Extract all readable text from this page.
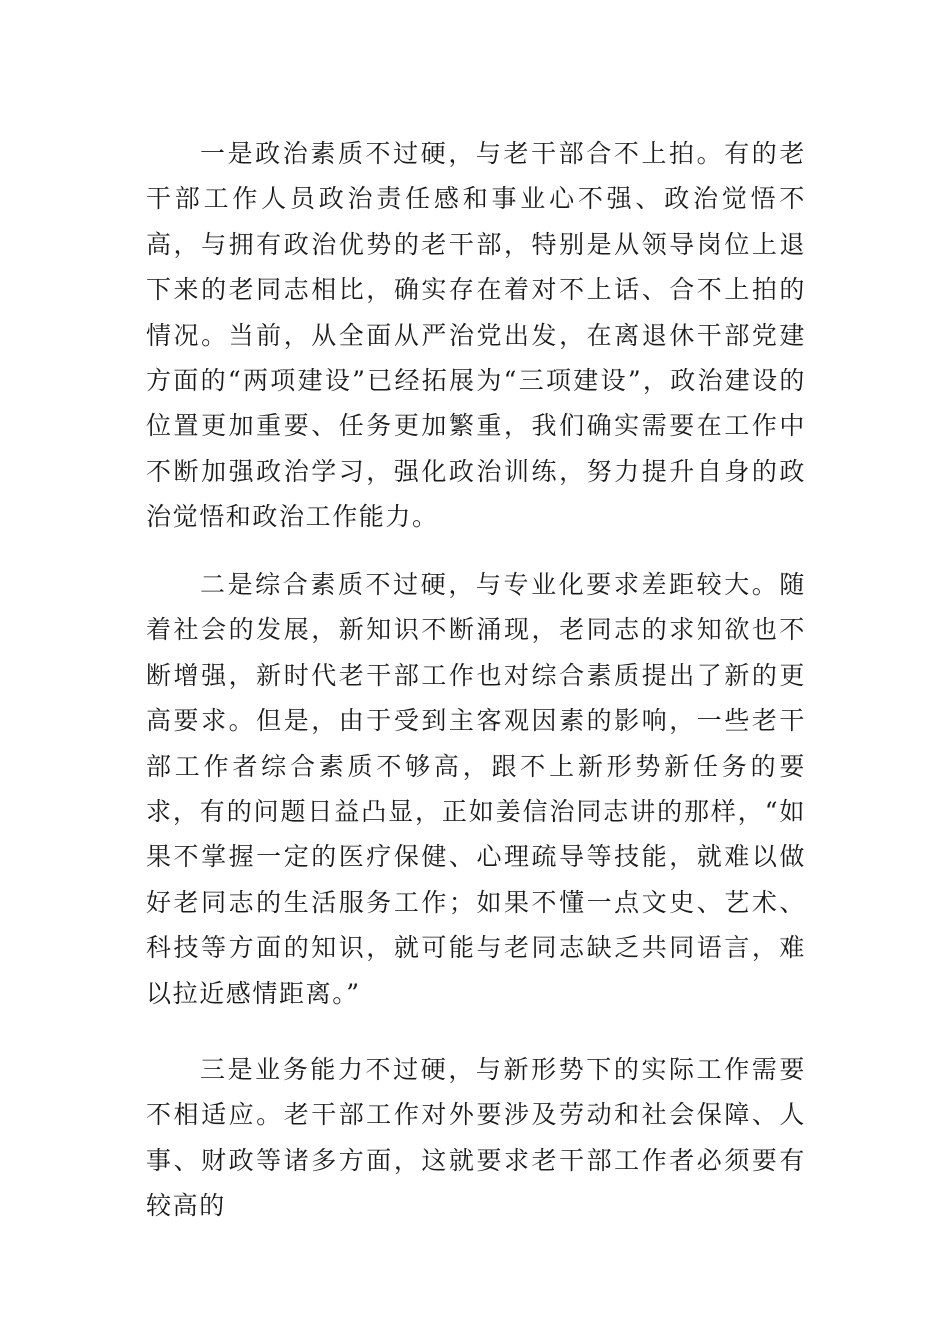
一是政治素质不过硬，与老干部合不上拍。有的老干部工作人员政治责任感和事业心不强、政治觉悟不高，与拥有政治优势的老干部，特别是从领导岗位上退下来的老同志相比，确实存在着对不上话、合不上拍的情况。当前，从全面从严治党出发，在离退休干部党建方面的“两项建设”已经拓展为“三项建设”，政治建设的位置更加重要、任务更加繁重，我们确实需要在工作中不断加强政治学习，强化政治训练，努力提升自身的政治觉悟和政治工作能力。

二是综合素质不过硬，与专业化要求差距较大。随着社会的发展，新知识不断涌现，老同志的求知欲也不断增强，新时代老干部工作也对综合素质提出了新的更高要求。但是，由于受到主客观因素的影响，一些老干部工作者综合素质不够高，跟不上新形势新任务的要求，有的问题日益凸显，正如姜信治同志讲的那样，“如果不掌握一定的医疗保健、心理疏导等技能，就难以做好老同志的生活服务工作；如果不懂一点文史、艺术、科技等方面的知识，就可能与老同志缺乏共同语言，难以拉近感情距离。”

三是业务能力不过硬，与新形势下的实际工作需要不相适应。老干部工作对外要涉及劳动和社会保障、人事、财政等诸多方面，这就要求老干部工作者必须要有较高的
